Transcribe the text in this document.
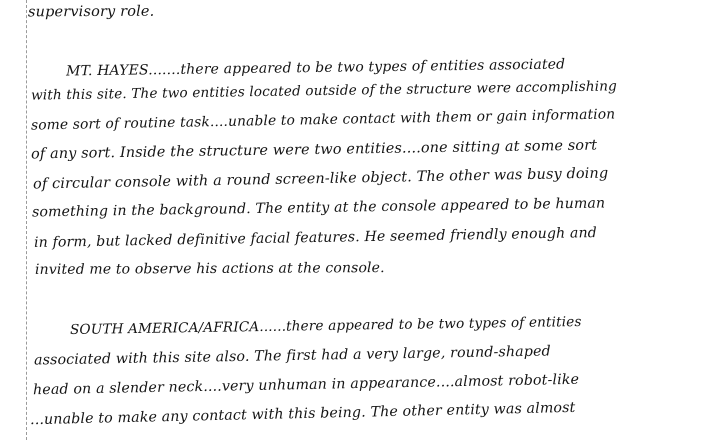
supervisory role.
MT. HAYES.......there appeared to be two types of entities associated
with this site. The two entities located outside of the structure were accomplishing
some sort of routine task....unable to make contact with them or gain information
of any sort. Inside the structure were two entities....one sitting at some sort
of circular console with a round screen-like object. The other was busy doing
something in the background. The entity at the console appeared to be human
in form, but lacked definitive facial features. He seemed friendly enough and
invited me to observe his actions at the console.
SOUTH AMERICA/AFRICA......there appeared to be two types of entities
associated with this site also. The first had a very large, round-shaped
head on a slender neck....very unhuman in appearance....almost robot-like
...unable to make any contact with this being. The other entity was almost
